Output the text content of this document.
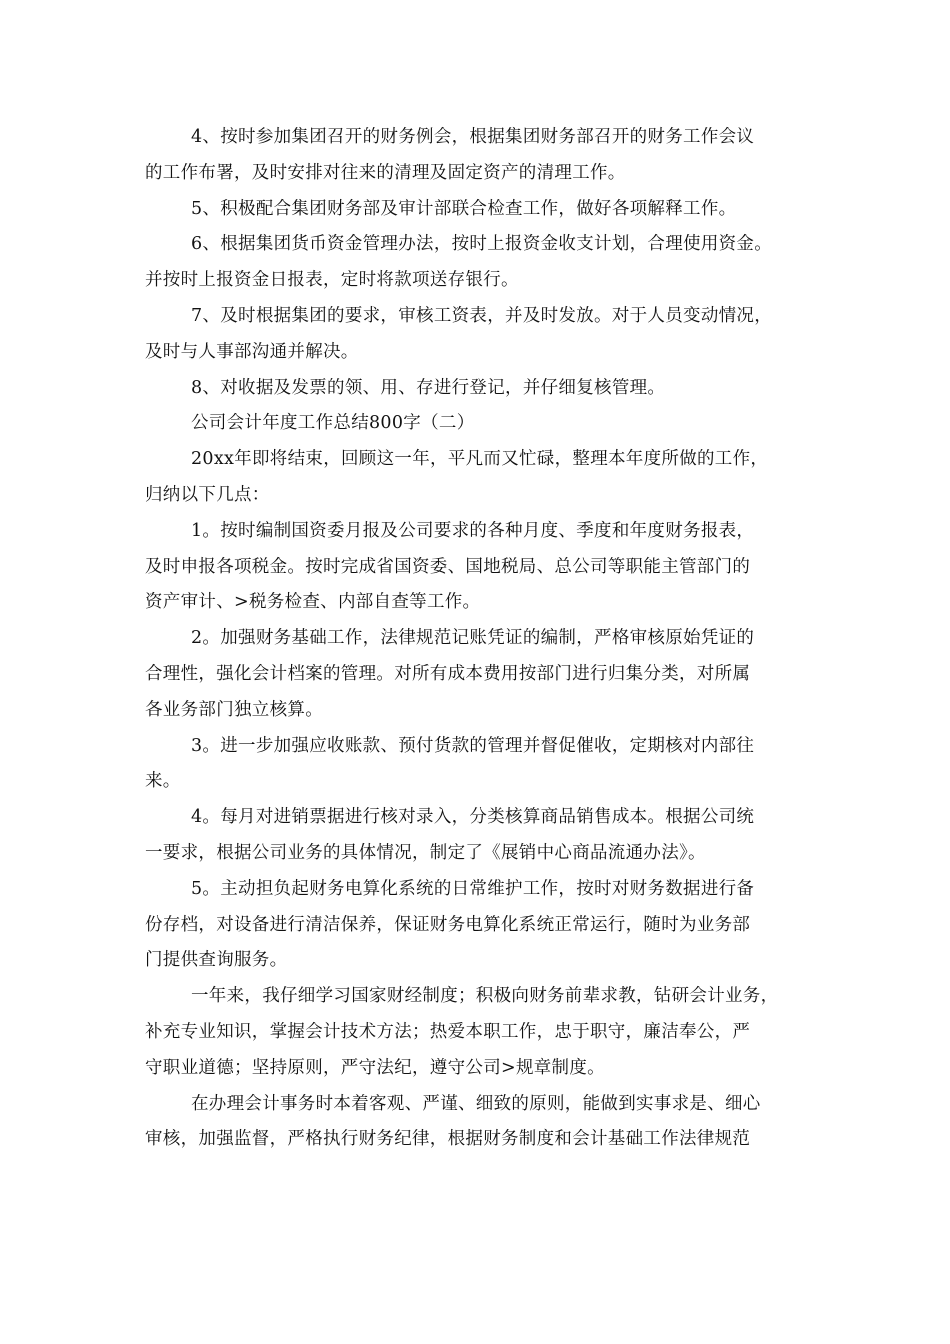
4、按时参加集团召开的财务例会，根据集团财务部召开的财务工作会议
的工作布署，及时安排对往来的清理及固定资产的清理工作。
5、积极配合集团财务部及审计部联合检查工作，做好各项解释工作。
6、根据集团货币资金管理办法，按时上报资金收支计划，合理使用资金。
并按时上报资金日报表，定时将款项送存银行。
7、及时根据集团的要求，审核工资表，并及时发放。对于人员变动情况，
及时与人事部沟通并解决。
8、对收据及发票的领、用、存进行登记，并仔细复核管理。
公司会计年度工作总结800字（二）
20xx年即将结束，回顾这一年，平凡而又忙碌，整理本年度所做的工作，
归纳以下几点：
1。按时编制国资委月报及公司要求的各种月度、季度和年度财务报表，
及时申报各项税金。按时完成省国资委、国地税局、总公司等职能主管部门的
资产审计、>税务检查、内部自查等工作。
2。加强财务基础工作，法律规范记账凭证的编制，严格审核原始凭证的
合理性，强化会计档案的管理。对所有成本费用按部门进行归集分类，对所属
各业务部门独立核算。
3。进一步加强应收账款、预付货款的管理并督促催收，定期核对内部往
来。
4。每月对进销票据进行核对录入，分类核算商品销售成本。根据公司统
一要求，根据公司业务的具体情况，制定了《展销中心商品流通办法》。
5。主动担负起财务电算化系统的日常维护工作，按时对财务数据进行备
份存档，对设备进行清洁保养，保证财务电算化系统正常运行，随时为业务部
门提供查询服务。
一年来，我仔细学习国家财经制度；积极向财务前辈求教，钻研会计业务，
补充专业知识，掌握会计技术方法；热爱本职工作，忠于职守，廉洁奉公，严
守职业道德；坚持原则，严守法纪，遵守公司>规章制度。
在办理会计事务时本着客观、严谨、细致的原则，能做到实事求是、细心
审核，加强监督，严格执行财务纪律，根据财务制度和会计基础工作法律规范
